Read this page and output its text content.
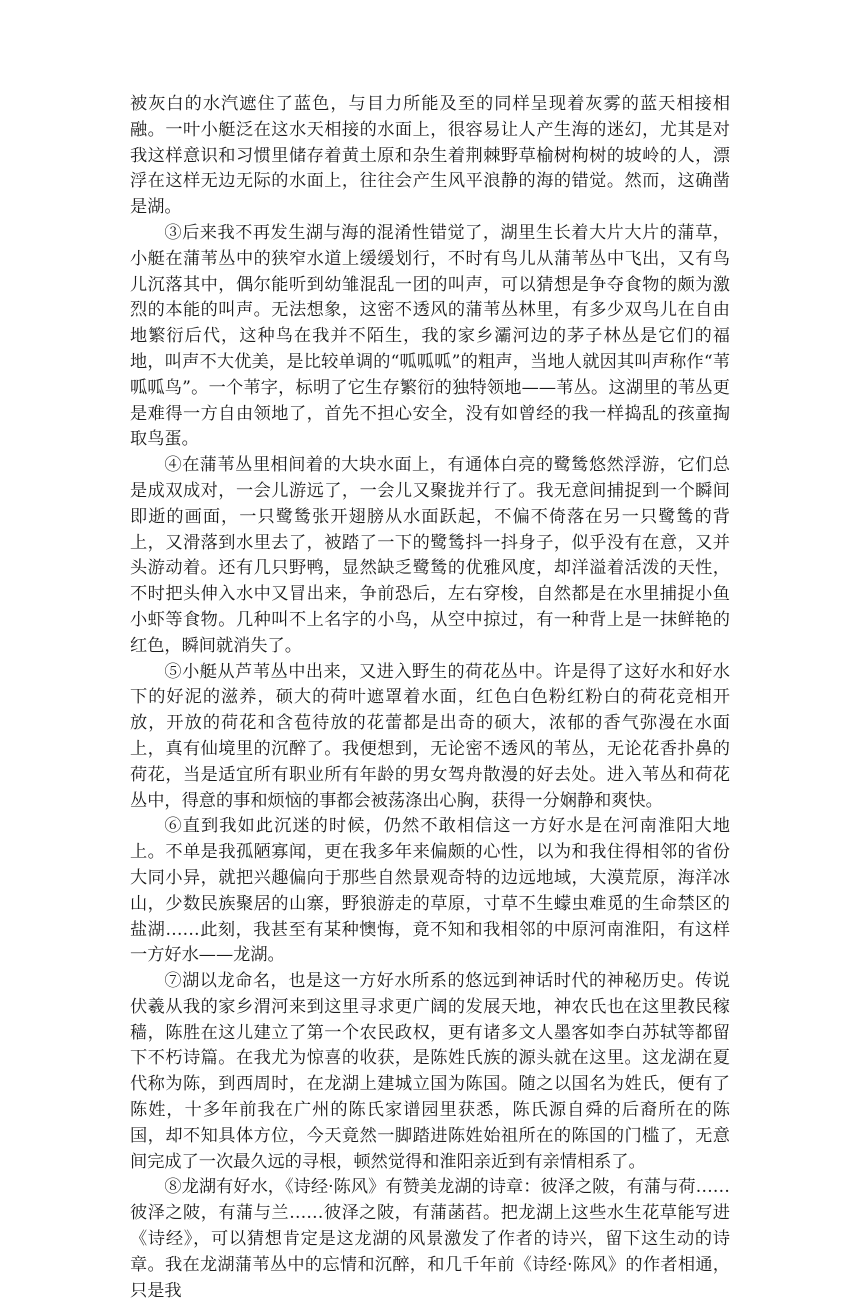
被灰白的水汽遮住了蓝色，与目力所能及至的同样呈现着灰雾的蓝天相接相融。一叶小艇泛在这水天相接的水面上，很容易让人产生海的迷幻，尤其是对我这样意识和习惯里储存着黄土原和杂生着荆棘野草榆树枸树的坡岭的人，漂浮在这样无边无际的水面上，往往会产生风平浪静的海的错觉。然而，这确凿是湖。

③后来我不再发生湖与海的混淆性错觉了，湖里生长着大片大片的蒲草，小艇在蒲苇丛中的狭窄水道上缓缓划行，不时有鸟儿从蒲苇丛中飞出，又有鸟儿沉落其中，偶尔能听到幼雏混乱一团的叫声，可以猜想是争夺食物的颇为激烈的本能的叫声。无法想象，这密不透风的蒲苇丛林里，有多少双鸟儿在自由地繁衍后代，这种鸟在我并不陌生，我的家乡灞河边的茅子林丛是它们的福地，叫声不大优美，是比较单调的“呱呱呱”的粗声，当地人就因其叫声称作“苇呱呱鸟”。一个苇字，标明了它生存繁衍的独特领地——苇丛。这湖里的苇丛更是难得一方自由领地了，首先不担心安全，没有如曾经的我一样捣乱的孩童掏取鸟蛋。

④在蒲苇丛里相间着的大块水面上，有通体白亮的鹭鸶悠然浮游，它们总是成双成对，一会儿游远了，一会儿又聚拢并行了。我无意间捕捉到一个瞬间即逝的画面，一只鹭鸶张开翅膀从水面跃起，不偏不倚落在另一只鹭鸶的背上，又滑落到水里去了，被踏了一下的鹭鸶抖一抖身子，似乎没有在意，又并头游动着。还有几只野鸭，显然缺乏鹭鸶的优雅风度，却洋溢着活泼的天性，不时把头伸入水中又冒出来，争前恐后，左右穿梭，自然都是在水里捕捉小鱼小虾等食物。几种叫不上名字的小鸟，从空中掠过，有一种背上是一抹鲜艳的红色，瞬间就消失了。

⑤小艇从芦苇丛中出来，又进入野生的荷花丛中。许是得了这好水和好水下的好泥的滋养，硕大的荷叶遮罩着水面，红色白色粉红粉白的荷花竞相开放，开放的荷花和含苞待放的花蕾都是出奇的硕大，浓郁的香气弥漫在水面上，真有仙境里的沉醉了。我便想到，无论密不透风的苇丛，无论花香扑鼻的荷花，当是适宜所有职业所有年龄的男女驾舟散漫的好去处。进入苇丛和荷花丛中，得意的事和烦恼的事都会被荡涤出心胸，获得一分娴静和爽快。

⑥直到我如此沉迷的时候，仍然不敢相信这一方好水是在河南淮阳大地上。不单是我孤陋寡闻，更在我多年来偏颇的心性，以为和我住得相邻的省份大同小异，就把兴趣偏向于那些自然景观奇特的边远地域，大漠荒原，海洋冰山，少数民族聚居的山寨，野狼游走的草原，寸草不生蠓虫难觅的生命禁区的盐湖……此刻，我甚至有某种懊悔，竟不知和我相邻的中原河南淮阳，有这样一方好水——龙湖。

⑦湖以龙命名，也是这一方好水所系的悠远到神话时代的神秘历史。传说伏羲从我的家乡渭河来到这里寻求更广阔的发展天地，神农氏也在这里教民稼穑，陈胜在这儿建立了第一个农民政权，更有诸多文人墨客如李白苏轼等都留下不朽诗篇。在我尤为惊喜的收获，是陈姓氏族的源头就在这里。这龙湖在夏代称为陈，到西周时，在龙湖上建城立国为陈国。随之以国名为姓氏，便有了陈姓，十多年前我在广州的陈氏家谱园里获悉，陈氏源自舜的后裔所在的陈国，却不知具体方位，今天竟然一脚踏进陈姓始祖所在的陈国的门槛了，无意间完成了一次最久远的寻根，顿然觉得和淮阳亲近到有亲情相系了。

⑧龙湖有好水，《诗经·陈风》有赞美龙湖的诗章：彼泽之陂，有蒲与荷……彼泽之陂，有蒲与兰……彼泽之陂，有蒲菡萏。把龙湖上这些水生花草能写进《诗经》，可以猜想肯定是这龙湖的风景激发了作者的诗兴，留下这生动的诗章。我在龙湖蒲苇丛中的忘情和沉醉，和几千年前《诗经·陈风》的作者相通，只是我
